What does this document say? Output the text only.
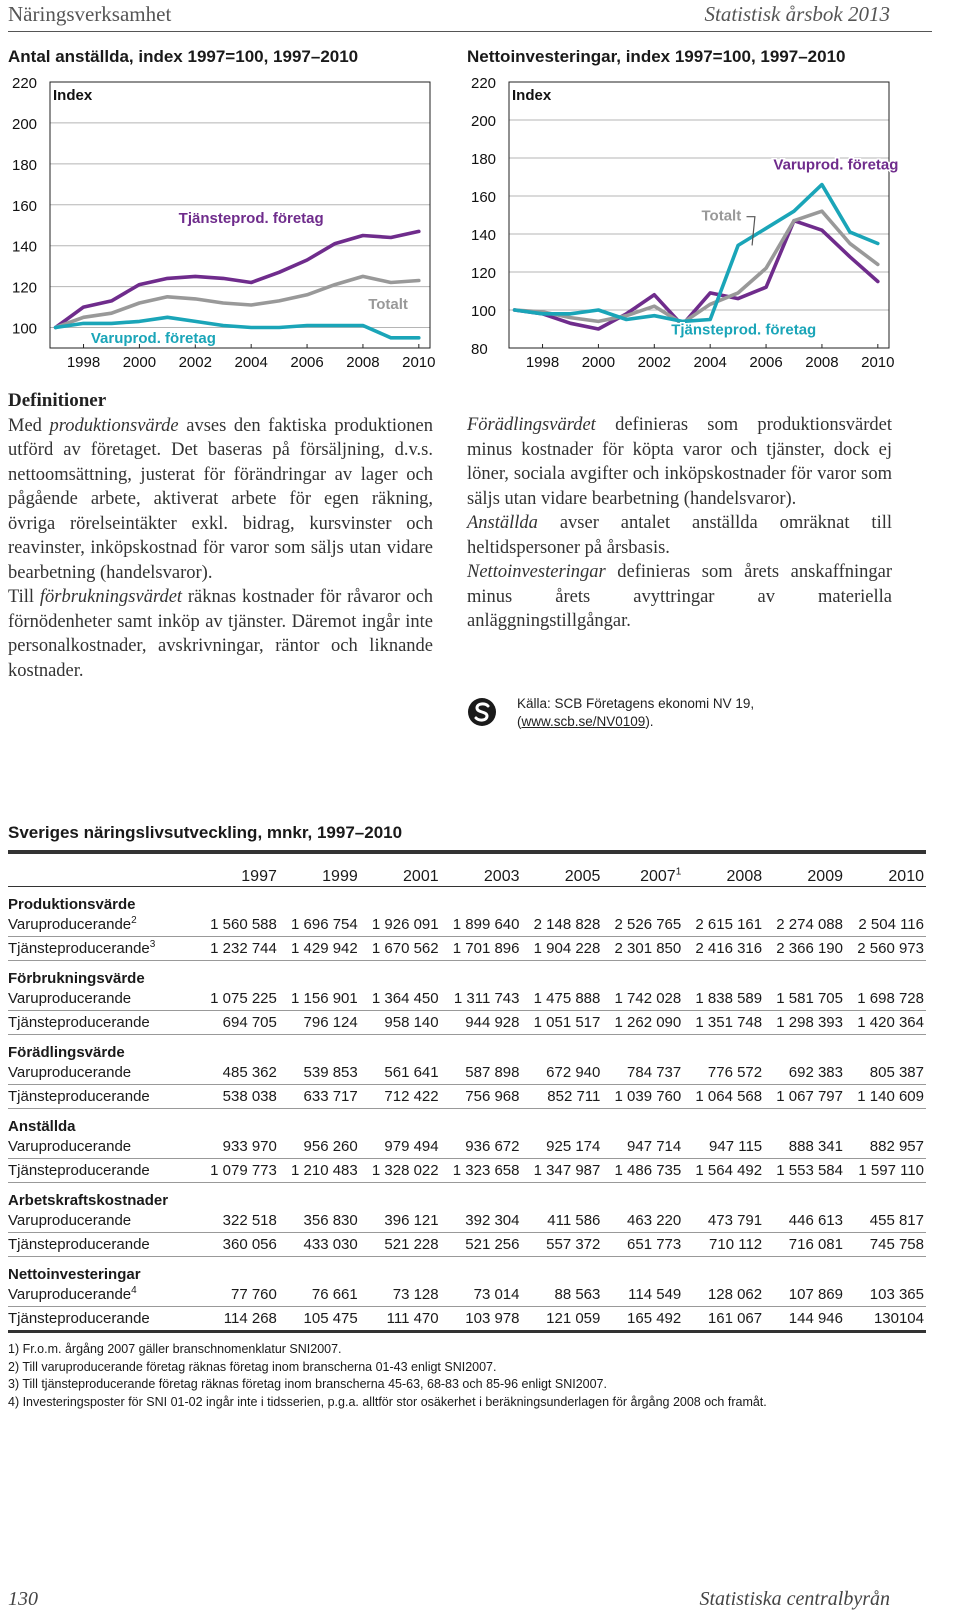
Näringsverksamhet	Statistisk årsbok 2013
Antal anställda, index 1997=100, 1997–2010
100
120
140
160
180
200
220
Index
1998 2000 2002 2004 2006 2008 2010
Tjänsteprod. företag
Totalt
Varuprod. företag
Nettoinvesteringar, index 1997=100, 1997–2010
80
100
120
140
160
180
200
220
Index
1998 2000 2002 2004 2006 2008 2010
Varuprod. företag
Totalt
Tjänsteprod. företag
Definitioner

Med produktionsvärde avses den faktiska produktionen utförd av företaget. Det baseras på försäljning, d.v.s. nettoomsättning, justerat för förändringar av lager och pågående arbete, aktiverat arbete för egen räkning, övriga rörelseintäkter exkl. bidrag, kursvinster och reavinster, inköpskostnad för varor som säljs utan vidare bearbetning (handelsvaror).

Till förbrukningsvärdet räknas kostnader för råvaror och förnödenheter samt inköp av tjänster. Däremot ingår inte personalkostnader, avskrivningar, räntor och liknande kostnader.

Förädlingsvärdet definieras som produktionsvärdet minus kostnader för köpta varor och tjänster, dock ej löner, sociala avgifter och inköpskostnader för varor som säljs utan vidare bearbetning (handelsvaror).

Anställda avser antalet anställda omräknat till heltidspersoner på årsbasis.

Nettoinvesteringar definieras som årets anskaffningar minus årets avyttringar av materiella anläggningstillgångar.

Källa: SCB Företagens ekonomi NV 19,
(www.scb.se/NV0109).
Sveriges näringslivsutveckling, mnkr, 1997–2010
	1997	1999	2001	2003	2005	2007$^1$	2008	2009	2010
Produktionsvärde									
Varuproducerande$^2$	1 560 588	1 696 754	1 926 091	1 899 640	2 148 828	2 526 765	2 615 161	2 274 088	2 504 116
Tjänsteproducerande$^3$	1 232 744	1 429 942	1 670 562	1 701 896	1 904 228	2 301 850	2 416 316	2 366 190	2 560 973
Förbrukningsvärde									
Varuproducerande	1 075 225	1 156 901	1 364 450	1 311 743	1 475 888	1 742 028	1 838 589	1 581 705	1 698 728
Tjänsteproducerande	694 705	796 124	958 140	944 928	1 051 517	1 262 090	1 351 748	1 298 393	1 420 364
Förädlingsvärde									
Varuproducerande	485 362	539 853	561 641	587 898	672 940	784 737	776 572	692 383	805 387
Tjänsteproducerande	538 038	633 717	712 422	756 968	852 711	1 039 760	1 064 568	1 067 797	1 140 609
Anställda									
Varuproducerande	933 970	956 260	979 494	936 672	925 174	947 714	947 115	888 341	882 957
Tjänsteproducerande	1 079 773	1 210 483	1 328 022	1 323 658	1 347 987	1 486 735	1 564 492	1 553 584	1 597 110
Arbetskraftskostnader									
Varuproducerande	322 518	356 830	396 121	392 304	411 586	463 220	473 791	446 613	455 817
Tjänsteproducerande	360 056	433 030	521 228	521 256	557 372	651 773	710 112	716 081	745 758
Nettoinvesteringar									
Varuproducerande$^4$	77 760	76 661	73 128	73 014	88 563	114 549	128 062	107 869	103 365
Tjänsteproducerande	114 268	105 475	111 470	103 978	121 059	165 492	161 067	144 946	130104
1) Fr.o.m. årgång 2007 gäller branschnomenklatur SNI2007.
2) Till varuproducerande företag räknas företag inom branscherna 01-43 enligt SNI2007.
3) Till tjänsteproducerande företag räknas företag inom branscherna 45-63, 68-83 och 85-96 enligt SNI2007.
4) Investeringsposter för SNI 01-02 ingår inte i tidsserien, p.g.a. alltför stor osäkerhet i beräkningsunderlagen för årgång 2008 och framåt.
130	Statistiska centralbyrån
